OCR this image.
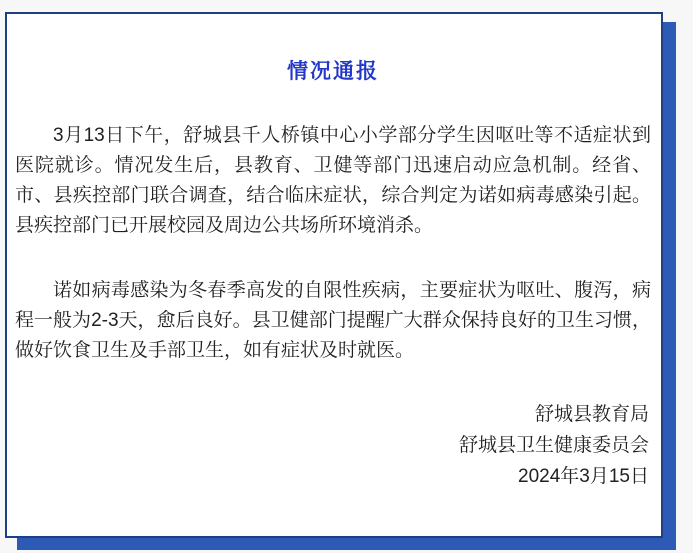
情况通报

3月13日下午，舒城县千人桥镇中心小学部分学生因呕吐等不适症状到医院就诊。情况发生后，县教育、卫健等部门迅速启动应急机制。经省、市、县疾控部门联合调查，结合临床症状，综合判定为诺如病毒感染引起。县疾控部门已开展校园及周边公共场所环境消杀。

诺如病毒感染为冬春季高发的自限性疾病，主要症状为呕吐、腹泻，病程一般为2-3天，愈后良好。县卫健部门提醒广大群众保持良好的卫生习惯，做好饮食卫生及手部卫生，如有症状及时就医。

舒城县教育局
舒城县卫生健康委员会
2024年3月15日
